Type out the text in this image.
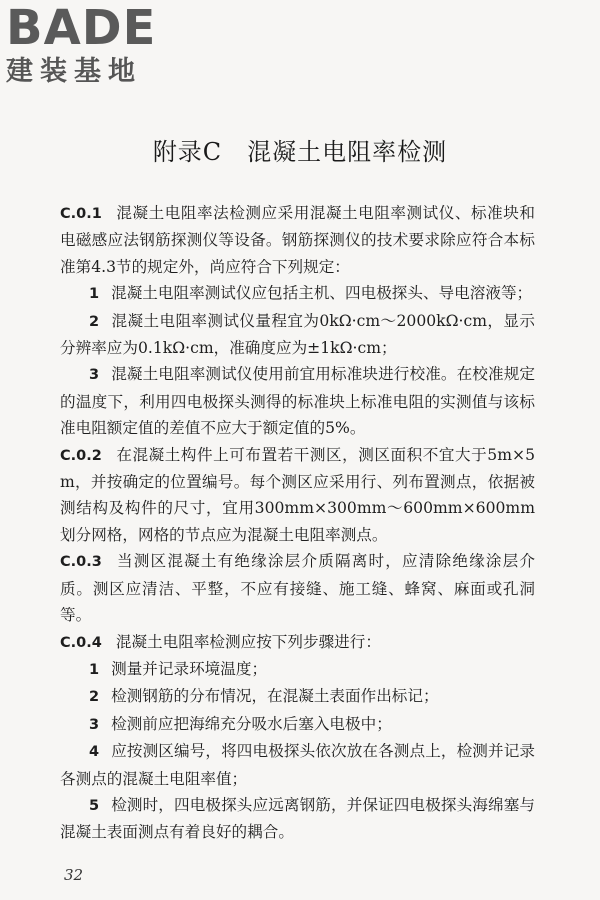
BADE
建装基地
附录C　混凝土电阻率检测

C.0.1 混凝土电阻率法检测应采用混凝土电阻率测试仪、标准块和电磁感应法钢筋探测仪等设备。钢筋探测仪的技术要求除应符合本标准第4.3节的规定外，尚应符合下列规定：

1 混凝土电阻率测试仪应包括主机、四电极探头、导电溶液等；

2 混凝土电阻率测试仪量程宜为0kΩ·cm～2000kΩ·cm，显示分辨率应为0.1kΩ·cm，准确度应为±1kΩ·cm；

3 混凝土电阻率测试仪使用前宜用标准块进行校准。在校准规定的温度下，利用四电极探头测得的标准块上标准电阻的实测值与该标准电阻额定值的差值不应大于额定值的5%。

C.0.2 在混凝土构件上可布置若干测区，测区面积不宜大于5m×5m，并按确定的位置编号。每个测区应采用行、列布置测点，依据被测结构及构件的尺寸，宜用300mm×300mm～600mm×600mm划分网格，网格的节点应为混凝土电阻率测点。

C.0.3 当测区混凝土有绝缘涂层介质隔离时，应清除绝缘涂层介质。测区应清洁、平整，不应有接缝、施工缝、蜂窝、麻面或孔洞等。

C.0.4 混凝土电阻率检测应按下列步骤进行：

1 测量并记录环境温度；

2 检测钢筋的分布情况，在混凝土表面作出标记；

3 检测前应把海绵充分吸水后塞入电极中；

4 应按测区编号，将四电极探头依次放在各测点上，检测并记录各测点的混凝土电阻率值；

5 检测时，四电极探头应远离钢筋，并保证四电极探头海绵塞与混凝土表面测点有着良好的耦合。

32
